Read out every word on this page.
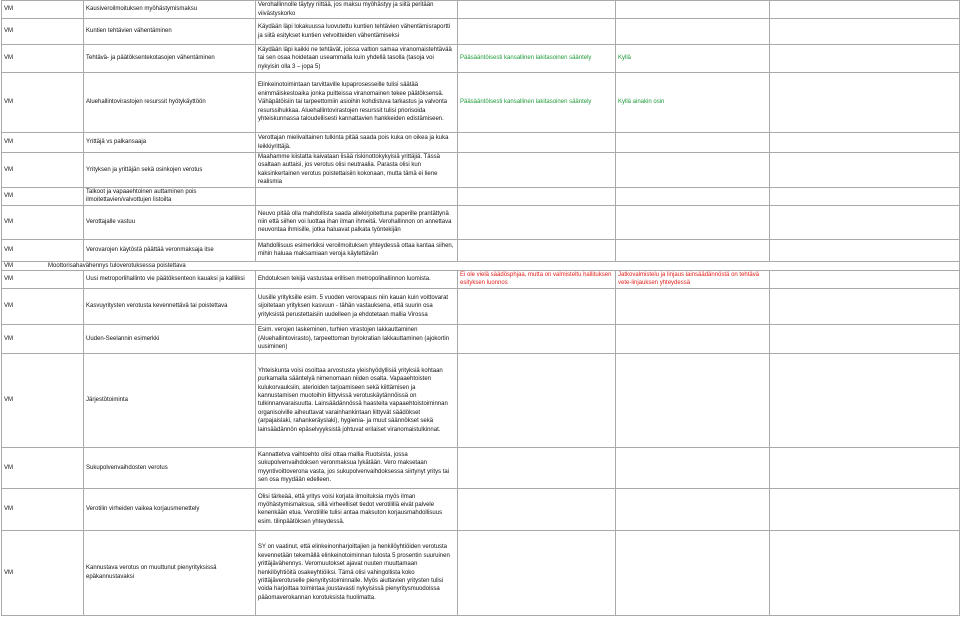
VM	Kausiveroilmoituksen myöhästymismaksu	Verohallinnolle täytyy riittää, jos maksu myöhästyy ja siitä peritään viivästyskorko			
VM	Kuntien tehtävien vähentäminen	Käydään läpi lokakuussa luovutettu kuntien tehtävien vähentämisraportti ja siitä esitykset kuntien velvoitteiden vähentämiseksi			
VM	Tehtävä- ja päätöksentekotasojen vähentäminen	Käydään läpi kaikki ne tehtävät, joissa valtion samaa viranomaistehtävää tai sen osaa hoidetaan useammalla kuin yhdellä tasolla (tasoja voi nykyisin olla 3 – jopa 5)	Pääsääntöisesti kansallinen lakitasoinen sääntely	Kyllä	
VM	Aluehallintovirastojen resurssit hyötykäyttöön	Elinkeinotoimintaan tarvittaville lupaprosesseille tulisi säätää enimmäiskestoaika jonka puitteissa viranomainen tekee päätöksensä. Vähäpätöisiin tai tarpeettomiin asioihin kohdistuva tarkastus ja valvonta resurssihukkaa. Aluehallintovirastojen resurssit tulisi priorisoida yhteiskunnassa taloudellisesti kannattavien hankkeiden edistämiseen.	Pääsääntöisesti kansallinen lakitasoinen sääntely	Kyllä ainakin osin	
VM	Yrittäjä vs palkansaaja	Verottajan mielivaltainen tulkinta pitää saada pois kuka on oikea ja kuka leikkiyrittäjä.			
VM	Yrityksen ja yrittäjän sekä osinkojen verotus	Maahamme kiistatta kaivataan lisää riskinottokykyisiä yrittäjiä. Tässä osaltaan auttaisi, jos verotus olisi neutraalia. Parasta olisi kun kaksinkertainen verotus poistettaisiin kokonaan, mutta tämä ei liene realismia			
VM	Talkoot ja vapaaehtoinen auttaminen pois ilmoitettavien/valvottujen listoilta				
VM	Verottajalle vastuu	Neuvo pitää olla mahdollista saada allekirjoitettuna paperille prantättynä niin että siihen voi luottaa ihan ilman ihmeitä. Verohallinnon on annettava neuvontaa ihmisille, jotka haluavat palkata työntekijän			
VM	Verovarojen käytöstä päättää veronmaksaja itse	Mahdollisuus esimerkiksi veroilmoituksen yhteydessä ottaa kantaa siihen, mihin haluaa maksamiaan veroja käytettävän			
VM Moottorisahavähennys tuloverotuksessa poistettava					
VM	Uusi metroporlihallinto vie päätöksenteon kauaksi ja kalliiksi	Ehdotuksen tekijä vastustaa erillisen metropolihallinnon luomista.	Ei ole vielä säädösphjaa, mutta on valmisteltu hallituksen esityksen luonnos	Jatkovalmistelu ja linjaus lainsäädännöstä on tehtävä vete-linjauksen yhteydessä	
VM	Kasvuyritysten verotusta kevennettävä tai poistettava	Uusille yrityksille esim. 5 vuoden verovapaus niin kauan kuin voittovarat sijoitetaan yrityksen kasvuun - tähän vastauksena, että suurin osa yrityksistä perustettaisiin uudelleen ja ehdotetaan mallia Virossa			
VM	Uuden-Seelannin esimerkki	Esim. verojen laskeminen, turhien virastojen lakkauttaminen (Aluehallintovirasto), tarpeettoman byrokratian lakkauttaminen (ajokortin uusiminen)			
VM	Järjestötoiminta	Yhteiskunta voisi osoittaa arvostusta yleishyödyllisiä yrityksiä kohtaan purkamalla sääntelyä nimenomaan niiden osalta. Vapaaehtoisten kulukorvauksiin, aterioiden tarjoamiseen sekä kiittämisen ja kannustamisen muotoihin liittyvissä verotuskäytännöissä on tulkinnanvaraisuutta. Lainsäädännössä haasteita vapaaehtoistoiminnan organisoiville aiheuttavat varainhankintaan liittyvät säädökset (arpajaislaki, rahankeräyslaki), hygienia- ja muut säännökset sekä lainsäädännön epäselvyyksistä johtuvat erilaiset viranomaistulkinnat.			
VM	Sukupolvenvaihdosten verotus	Kannattetva vaihtoehto olisi ottaa mallia Ruotsista, jossa sukupolvenvaihdoksen veronmaksua lykätään. Vero maksetaan myyntivoittoverona vasta, jos sukupolvenvaihdoksessa siirtynyt yritys tai sen osa myydään edelleen.			
VM	Verotilin virheiden vaikea korjausmenettely	Olisi tärkeää, että yritys voisi korjata ilmoituksia myös ilman myöhästymismaksua, sillä virheelliset tiedot verotilillä eivät palvele kenenkään etua. Verotilille tulisi antaa maksuton korjausmahdollisuus esim. tilinpäätöksen yhteydessä.			
VM	Kannustava verotus on muuttunut pienyrityksissä epäkannustavaksi	SY on vaatinut, että elinkeinonharjoittajien ja henkilöyhtiöiden verotusta kevennetään tekemällä elinkeinotoiminnan tulosta 5 prosentin suuruinen yrittäjävähennys. Veromuutokset ajavat nuuten muuttamaan henkilöyhtiöitä osakeyhtiöiksi. Tämä olisi vahingollista koko yrittäjäverotuselle pienyritystoiminnalle. Myös aiuttavien yritysten tulisi voida harjoittaa toimintaa joustavasti nykyisissä pienyritysmuodoissa pääomaverokannan korotuksista huolimatta.			
